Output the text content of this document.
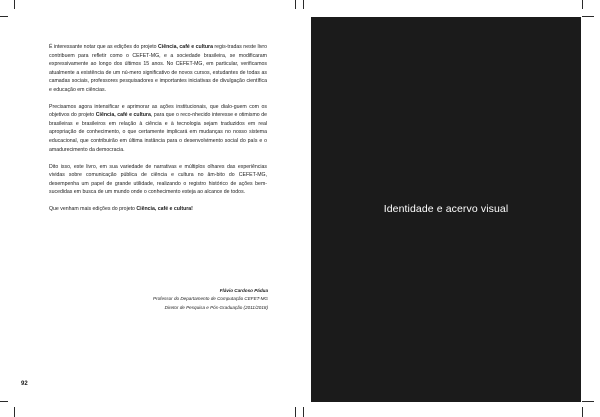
É interessante notar que as edições do projeto Ciência, café e cultura regis-tradas neste livro contribuem para refletir como o CEFET-MG, e a sociedade brasileira, se modificaram expressivamente ao longo dos últimos 15 anos. No CEFET-MG, em particular, verificamos atualmente a existência de um nú-mero significativo de novos cursos, estudantes de todas as camadas sociais, professores pesquisadores e importantes iniciativas de divulgação científica e educação em ciências.

Precisamos agora intensificar e aprimorar as ações institucionais, que dialo-guem com os objetivos do projeto Ciência, café e cultura, para que o reco-nhecido interesse e otimismo de brasileiras e brasileiros em relação à ciência e à tecnologia sejam traduzidos em real apropriação de conhecimento, o que certamente implicará em mudanças no nosso sistema educacional, que contribuirão em última instância para o desenvolvimento social do país e o amadurecimento da democracia.

Dito isso, este livro, em sua variedade de narrativas e múltiplos olhares das experiências vividas sobre comunicação pública de ciência e cultura no âm-bito do CEFET-MG, desempenha um papel de grande utilidade, realizando o registro histórico de ações bem-sucedidas em busca de um mundo onde o conhecimento esteja ao alcance de todos.

Que venham mais edições do projeto Ciência, café e cultura!

Flávio Cardoso Pádua
Professor do Departamento de Computação CEFET-MG
Diretor de Pesquisa e Pós-Graduação (2011/2018)
92
Identidade e acervo visual
